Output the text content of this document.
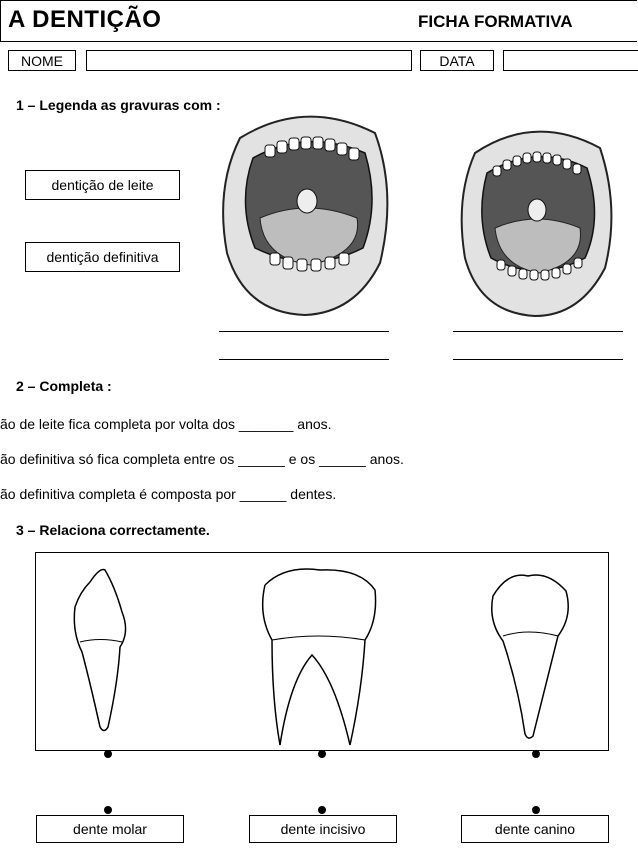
A DENTIÇÃO	FICHA FORMATIVA
NOME	DATA
1 – Legenda as gravuras com :
dentição de leite
dentição definitiva
2 – Completa :
ão de leite fica completa por volta dos _______ anos.
ão definitiva só fica completa entre os ______ e os ______ anos.
ão definitiva completa é composta por ______ dentes.
3 – Relaciona correctamente.
dente molar	dente incisivo	dente canino
